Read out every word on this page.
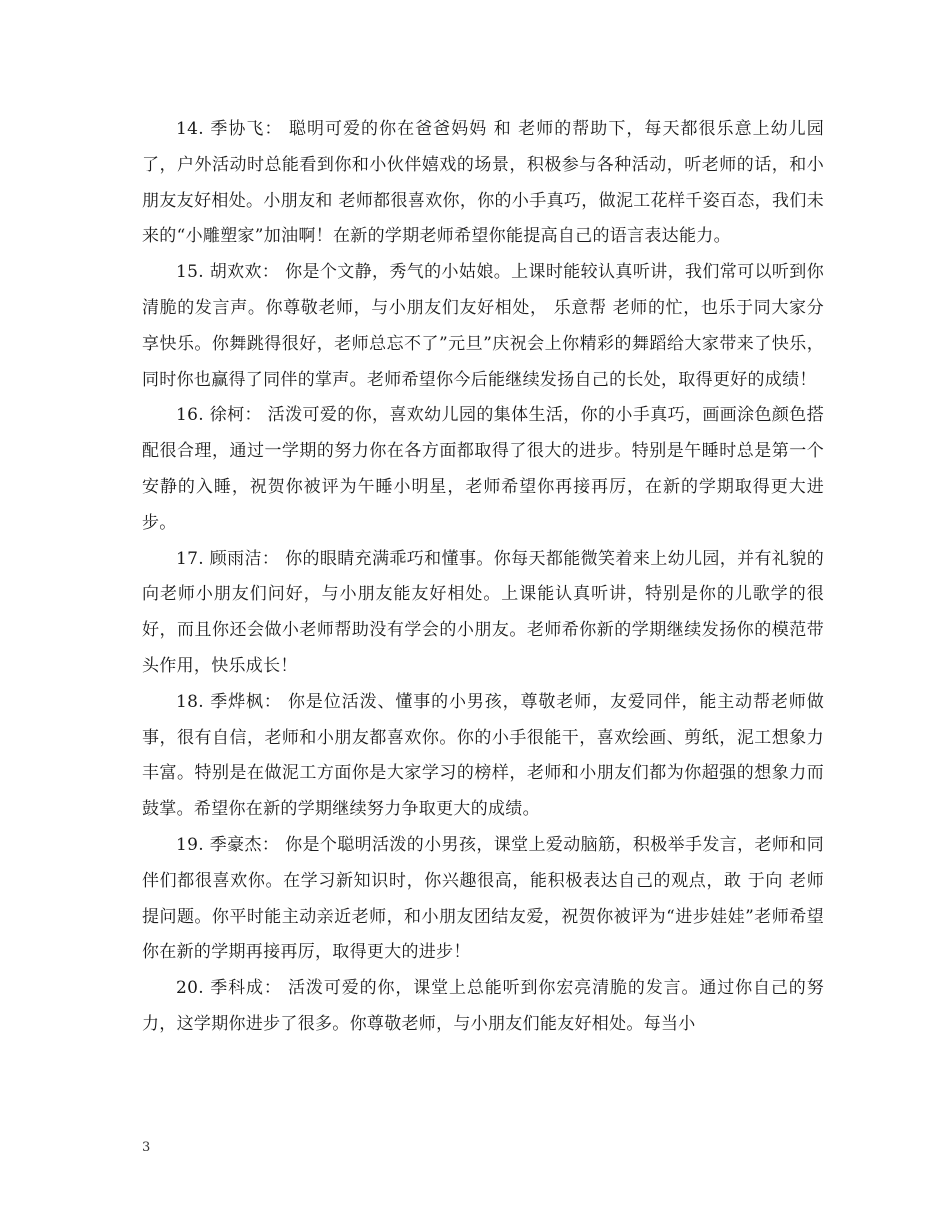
14. 季协飞： 聪明可爱的你在爸爸妈妈 和 老师的帮助下，每天都很乐意上幼儿园了，户外活动时总能看到你和小伙伴嬉戏的场景，积极参与各种活动，听老师的话，和小朋友友好相处。小朋友和 老师都很喜欢你，你的小手真巧，做泥工花样千姿百态，我们未来的“小雕塑家”加油啊！在新的学期老师希望你能提高自己的语言表达能力。

15. 胡欢欢： 你是个文静，秀气的小姑娘。上课时能较认真听讲，我们常可以听到你清脆的发言声。你尊敬老师，与小朋友们友好相处， 乐意帮 老师的忙，也乐于同大家分享快乐。你舞跳得很好，老师总忘不了”元旦”庆祝会上你精彩的舞蹈给大家带来了快乐，同时你也赢得了同伴的掌声。老师希望你今后能继续发扬自己的长处，取得更好的成绩！

16. 徐柯： 活泼可爱的你，喜欢幼儿园的集体生活，你的小手真巧，画画涂色颜色搭配很合理，通过一学期的努力你在各方面都取得了很大的进步。特别是午睡时总是第一个安静的入睡，祝贺你被评为午睡小明星，老师希望你再接再厉，在新的学期取得更大进步。

17. 顾雨洁： 你的眼睛充满乖巧和懂事。你每天都能微笑着来上幼儿园，并有礼貌的 向老师小朋友们问好，与小朋友能友好相处。上课能认真听讲，特别是你的儿歌学的很好，而且你还会做小老师帮助没有学会的小朋友。老师希你新的学期继续发扬你的模范带头作用，快乐成长！

18. 季烨枫： 你是位活泼、懂事的小男孩，尊敬老师，友爱同伴，能主动帮老师做事，很有自信，老师和小朋友都喜欢你。你的小手很能干，喜欢绘画、剪纸，泥工想象力丰富。特别是在做泥工方面你是大家学习的榜样，老师和小朋友们都为你超强的想象力而鼓掌。希望你在新的学期继续努力争取更大的成绩。

19. 季豪杰： 你是个聪明活泼的小男孩，课堂上爱动脑筋，积极举手发言，老师和同伴们都很喜欢你。在学习新知识时，你兴趣很高，能积极表达自己的观点，敢 于向 老师提问题。你平时能主动亲近老师，和小朋友团结友爱，祝贺你被评为“进步娃娃”老师希望你在新的学期再接再厉，取得更大的进步！

20. 季科成： 活泼可爱的你，课堂上总能听到你宏亮清脆的发言。通过你自己的努力，这学期你进步了很多。你尊敬老师，与小朋友们能友好相处。每当小

3
